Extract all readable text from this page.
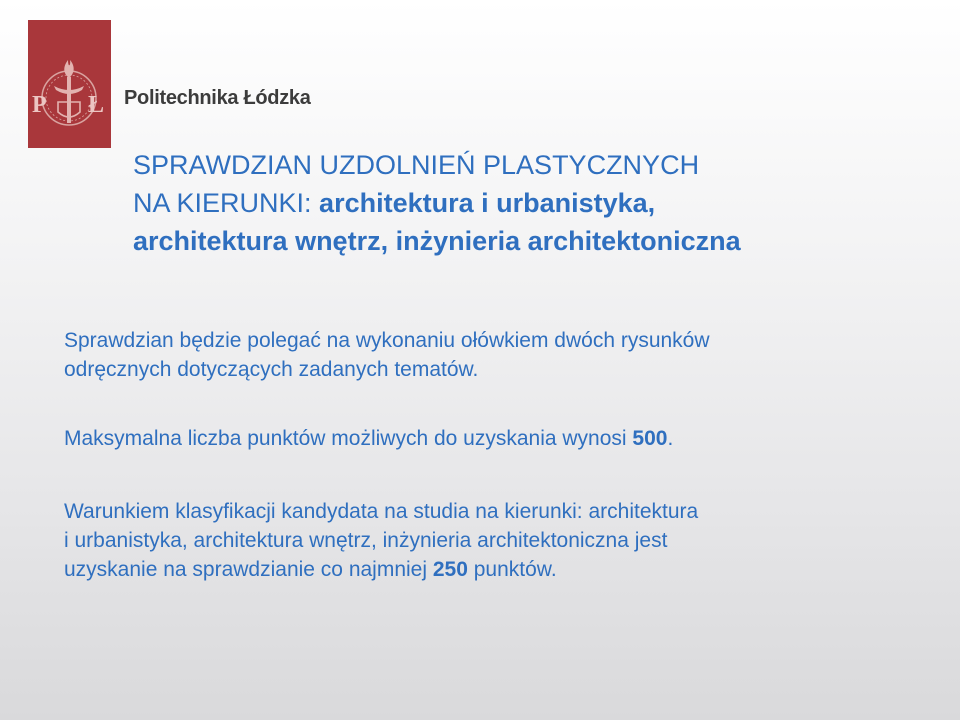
P Ł Politechnika Łódzka
SPRAWDZIAN UZDOLNIEŃ PLASTYCZNYCH
NA KIERUNKI: architektura i urbanistyka,
architektura wnętrz, inżynieria architektoniczna
Sprawdzian będzie polegać na wykonaniu ołówkiem dwóch rysunków
odręcznych dotyczących zadanych tematów.
Maksymalna liczba punktów możliwych do uzyskania wynosi 500.
Warunkiem klasyfikacji kandydata na studia na kierunki: architektura
i urbanistyka, architektura wnętrz, inżynieria architektoniczna jest
uzyskanie na sprawdzianie co najmniej 250 punktów.
